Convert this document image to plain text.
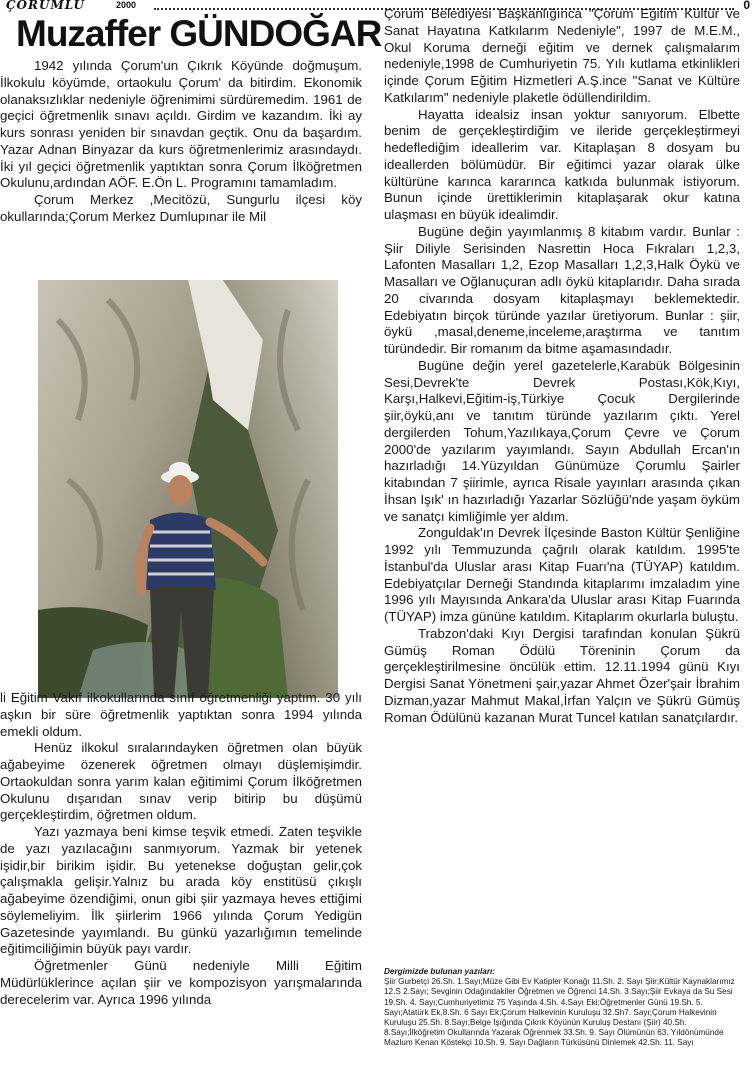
ÇORUMLU	2000	0
Muzaffer GÜNDOĞAR

1942 yılında Çorum'un Çıkrık Köyünde doğmuşum. İlkokulu köyümde, ortaokulu Çorum' da bitirdim. Ekonomik olanaksızlıklar nedeniyle öğrenimimi sürdüremedim. 1961 de geçici öğretmenlik sınavı açıldı. Girdim ve kazandım. İki ay kurs sonrası yeniden bir sınavdan geçtik. Onu da başardım. Yazar Adnan Binyazar da kurs öğretmenlerimiz arasındaydı. İki yıl geçici öğretmenlik yaptıktan sonra Çorum İlköğretmen Okulunu,ardından AÖF. E.Ön L. Programını tamamladım.

Çorum Merkez ,Mecitözü, Sungurlu ilçesi köy okullarında;Çorum Merkez Dumlupınar ile Mil

li Eğitim Vakıf ilkokullarında sınıf öğretmenliği yaptım. 30 yılı aşkın bir süre öğretmenlik yaptıktan sonra 1994 yılında emekli oldum.

Henüz ilkokul sıralarındayken öğretmen olan büyük ağabeyime özenerek öğretmen olmayı düşlemişimdir. Ortaokuldan sonra yarım kalan eğitimimi Çorum İlköğretmen Okulunu dışarıdan sınav verip bitirip bu düşümü gerçekleştirdim, öğretmen oldum.

Yazı yazmaya beni kimse teşvik etmedi. Zaten teşvikle de yazı yazılacağını sanmıyorum. Yazmak bir yetenek işidir,bir birikim işidir. Bu yetenekse doğuştan gelir,çok çalışmakla gelişir.Yalnız bu arada köy enstitüsü çıkışlı ağabeyime özendiğimi, onun gibi şiir yazmaya heves ettiğimi söylemeliyim. İlk şiirlerim 1966 yılında Çorum Yedigün Gazetesinde yayımlandı. Bu günkü yazarlığımın temelinde eğitimciliğimin büyük payı vardır.

Öğretmenler Günü nedeniyle Milli Eğitim Müdürlüklerince açılan şiir ve kompozisyon yarışmalarında derecelerim var. Ayrıca 1996 yılında

Çorum Belediyesi Başkanlığınca "Çorum Eğitim Kültür ve Sanat Hayatına Katkılarım Nedeniyle", 1997 de M.E.M., Okul Koruma derneği eğitim ve dernek çalışmalarım nedeniyle,1998 de Cumhuriyetin 75. Yılı kutlama etkinlikleri içinde Çorum Eğitim Hizmetleri A.Ş.ince "Sanat ve Kültüre Katkılarım" nedeniyle plaketle ödüllendirildim.

Hayatta idealsiz insan yoktur sanıyorum. Elbette benim de gerçekleştirdiğim ve ileride gerçekleştirmeyi hedeflediğim ideallerim var. Kitaplaşan 8 dosyam bu ideallerden bölümüdür. Bir eğitimci yazar olarak ülke kültürüne karınca kararınca katkıda bulunmak istiyorum. Bunun içinde ürettiklerimin kitaplaşarak okur katına ulaşması en büyük idealimdir.

Bugüne değin yayımlanmış 8 kitabım vardır. Bunlar : Şiir Diliyle Serisinden Nasrettin Hoca Fıkraları 1,2,3, Lafonten Masalları 1,2, Ezop Masalları 1,2,3,Halk Öykü ve Masalları ve Oğlanuçuran adlı öykü kitaplarıdır. Daha sırada 20 civarında dosyam kitaplaşmayı beklemektedir. Edebiyatın birçok türünde yazılar üretiyorum. Bunlar : şiir, öykü ,masal,deneme,inceleme,araştırma ve tanıtım türündedir. Bir romanım da bitme aşamasındadır.

Bugüne değin yerel gazetelerle,Karabük Bölgesinin Sesi,Devrek'te Devrek Postası,Kök,Kıyı, Karşı,Halkevi,Eğitim-iş,Türkiye Çocuk Dergilerinde şiir,öykü,anı ve tanıtım türünde yazılarım çıktı. Yerel dergilerden Tohum,Yazılıkaya,Çorum Çevre ve Çorum 2000'de yazılarım yayımlandı. Sayın Abdullah Ercan'ın hazırladığı 14.Yüzyıldan Günümüze Çorumlu Şairler kitabından 7 şiirimle, ayrıca Risale yayınları arasında çıkan İhsan Işık' ın hazırladığı Yazarlar Sözlüğü'nde yaşam öyküm ve sanatçı kimliğimle yer aldım.

Zonguldak'ın Devrek İlçesinde Baston Kültür Şenliğine 1992 yılı Temmuzunda çağrılı olarak katıldım. 1995'te İstanbul'da Uluslar arası Kitap Fuarı'na (TÜYAP) katıldım. Edebiyatçılar Derneği Standında kitaplarımı imzaladım yine 1996 yılı Mayısında Ankara'da Uluslar arası Kitap Fuarında (TÜYAP) imza gününe katıldım. Kitaplarım okurlarla buluştu.

Trabzon'daki Kıyı Dergisi tarafından konulan Şükrü Gümüş Roman Ödülü Töreninin Çorum da gerçekleştirilmesine öncülük ettim. 12.11.1994 günü Kıyı Dergisi Sanat Yönetmeni şair,yazar Ahmet Özer'şair İbrahim Dizman,yazar Mahmut Makal,İrfan Yalçın ve Şükrü Gümüş Roman Ödülünü kazanan Murat Tuncel katılan sanatçılardır.

Dergimizde bulunan yazıları:
Şiir Gurbetçi 26.Sh. 1.Sayı;Müze Gibi Ev Katipler Konağı 11.Sh. 2. Sayı Şiir;Kültür Kaynaklarımız 12.S 2.Sayı; Sevginin Odağındakiler Öğretmen ve Öğrenci 14.Sh. 3.Sayı;Şiir Evkaya da Su Sesi 19.Sh. 4. Sayı;Cumhuriyetimiz 75 Yaşında 4.Sh. 4.Sayı Eki;Öğretmenler Günü 19.Sh. 5. Sayı;Atatürk Ek,8.Sh. 6 Sayı Ek;Çorum Halkevinin Kuruluşu 32.Sh7. Sayı;Çorum Halkevinin Kuruluşu 25.Sh. 8.Sayı;Belge Işığında Çıkrık Köyünün Kuruluş Destanı (Şiir) 40.Sh. 8.Sayı;İlköğretim Okullarında Yazarak Öğrenmek 33.Sh. 9. Sayı Ölümünün 63. Yıldönümünde Mazlum Kenan Köstekçi 10.Sh. 9. Sayı Dağların Türküsünü Dinlemek 42.Sh. 11. Sayı
